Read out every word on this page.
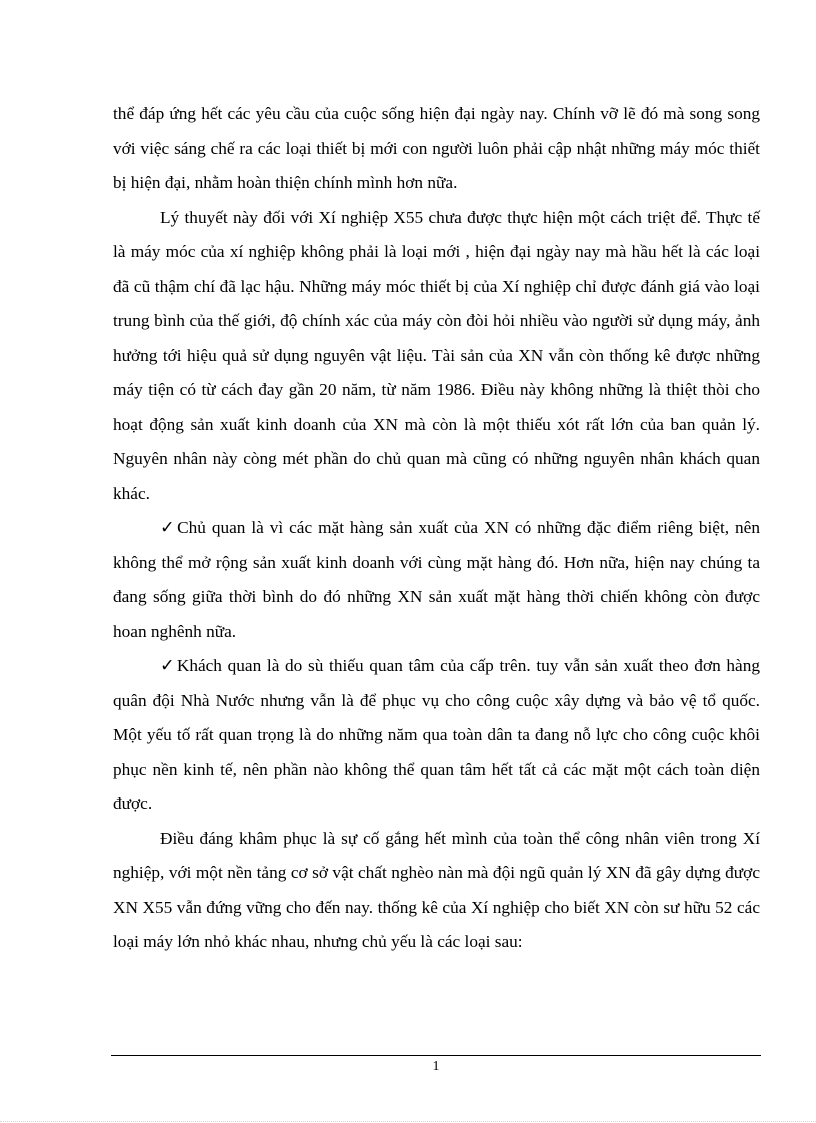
thể đáp ứng hết các yêu cầu của cuộc sống hiện đại ngày nay. Chính vỡ lẽ đó mà song song với việc sáng chế ra các loại thiết bị mới con người luôn phải cập nhật những máy móc thiết bị hiện đại, nhằm hoàn thiện chính mình hơn nữa.

Lý thuyết này đối với Xí nghiệp X55 chưa được thực hiện một cách triệt để. Thực tế là máy móc của xí nghiệp không phải là loại mới , hiện đại ngày nay mà hầu hết là các loại đã cũ thậm chí đã lạc hậu. Những máy móc thiết bị của Xí nghiệp chỉ được đánh giá vào loại trung bình của thế giới, độ chính xác của máy còn đòi hỏi nhiều vào người sử dụng máy, ảnh hưởng tới hiệu quả sử dụng nguyên vật liệu. Tài sản của XN vẫn còn thống kê được những máy tiện có từ cách đay gần 20 năm, từ năm 1986. Điều này không những là thiệt thòi cho hoạt động sản xuất kinh doanh của XN mà còn là một thiếu xót rất lớn của ban quản lý. Nguyên nhân này còng mét phần do chủ quan mà cũng có những nguyên nhân khách quan khác.

✓Chủ quan là vì các mặt hàng sản xuất của XN có những đặc điểm riêng biệt, nên không thể mở rộng sản xuất kinh doanh với cùng mặt hàng đó. Hơn nữa, hiện nay chúng ta đang sống giữa thời bình do đó những XN sản xuất mặt hàng thời chiến không còn được hoan nghênh nữa.

✓Khách quan là do sù thiếu quan tâm của cấp trên. tuy vẫn sản xuất theo đơn hàng quân đội Nhà Nước nhưng vẫn là để phục vụ cho công cuộc xây dựng và bảo vệ tổ quốc. Một yếu tố rất quan trọng là do những năm qua toàn dân ta đang nỗ lực cho công cuộc khôi phục nền kinh tế, nên phần nào không thể quan tâm hết tất cả các mặt một cách toàn diện được.

Điều đáng khâm phục là sự cố gắng hết mình của toàn thể công nhân viên trong Xí nghiệp, với một nền tảng cơ sở vật chất nghèo nàn mà đội ngũ quản lý XN đã gây dựng được XN X55 vẫn đứng vững cho đến nay. thống kê của Xí nghiệp cho biết XN còn sư hữu 52 các loại máy lớn nhỏ khác nhau, nhưng chủ yếu là các loại sau:

1
